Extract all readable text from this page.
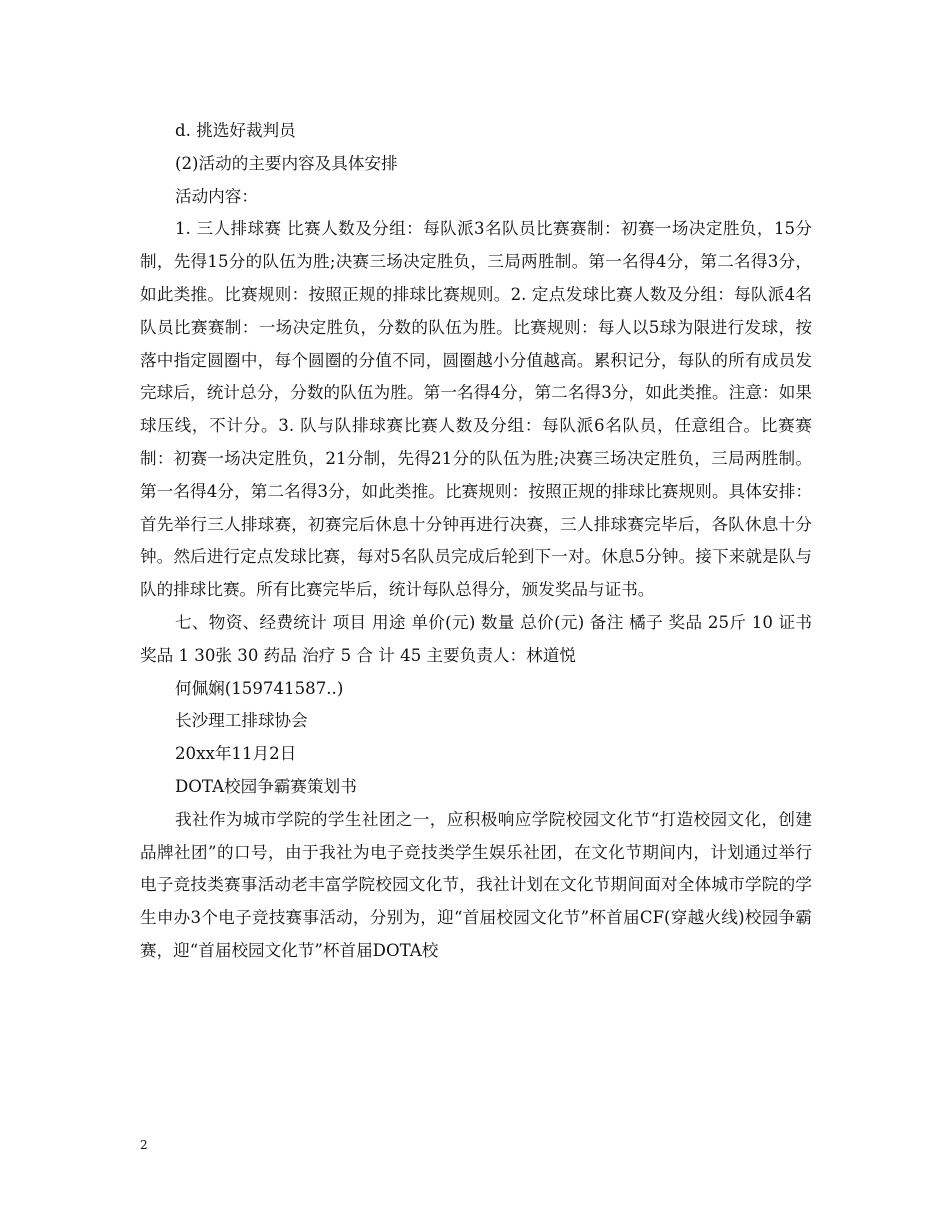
d. 挑选好裁判员

(2)活动的主要内容及具体安排

活动内容：

1. 三人排球赛 比赛人数及分组：每队派3名队员比赛赛制：初赛一场决定胜负，15分制，先得15分的队伍为胜;决赛三场决定胜负，三局两胜制。第一名得4分，第二名得3分，如此类推。比赛规则：按照正规的排球比赛规则。2. 定点发球比赛人数及分组：每队派4名队员比赛赛制：一场决定胜负，分数的队伍为胜。比赛规则：每人以5球为限进行发球，按落中指定圆圈中，每个圆圈的分值不同，圆圈越小分值越高。累积记分，每队的所有成员发完球后，统计总分，分数的队伍为胜。第一名得4分，第二名得3分，如此类推。注意：如果球压线，不计分。3. 队与队排球赛比赛人数及分组：每队派6名队员，任意组合。比赛赛制：初赛一场决定胜负，21分制，先得21分的队伍为胜;决赛三场决定胜负，三局两胜制。第一名得4分，第二名得3分，如此类推。比赛规则：按照正规的排球比赛规则。具体安排：首先举行三人排球赛，初赛完后休息十分钟再进行决赛，三人排球赛完毕后，各队休息十分钟。然后进行定点发球比赛，每对5名队员完成后轮到下一对。休息5分钟。接下来就是队与队的排球比赛。所有比赛完毕后，统计每队总得分，颁发奖品与证书。

七、物资、经费统计 项目 用途 单价(元) 数量 总价(元) 备注 橘子 奖品 25斤 10 证书 奖品 1 30张 30 药品 治疗 5 合 计 45 主要负责人：林道悦

何佩娴(159741587..)

长沙理工排球协会

20xx年11月2日

DOTA校园争霸赛策划书

我社作为城市学院的学生社团之一，应积极响应学院校园文化节“打造校园文化，创建品牌社团”的口号，由于我社为电子竞技类学生娱乐社团，在文化节期间内，计划通过举行电子竞技类赛事活动老丰富学院校园文化节，我社计划在文化节期间面对全体城市学院的学生申办3个电子竞技赛事活动，分别为，迎“首届校园文化节”杯首届CF(穿越火线)校园争霸赛，迎“首届校园文化节”杯首届DOTA校

2
